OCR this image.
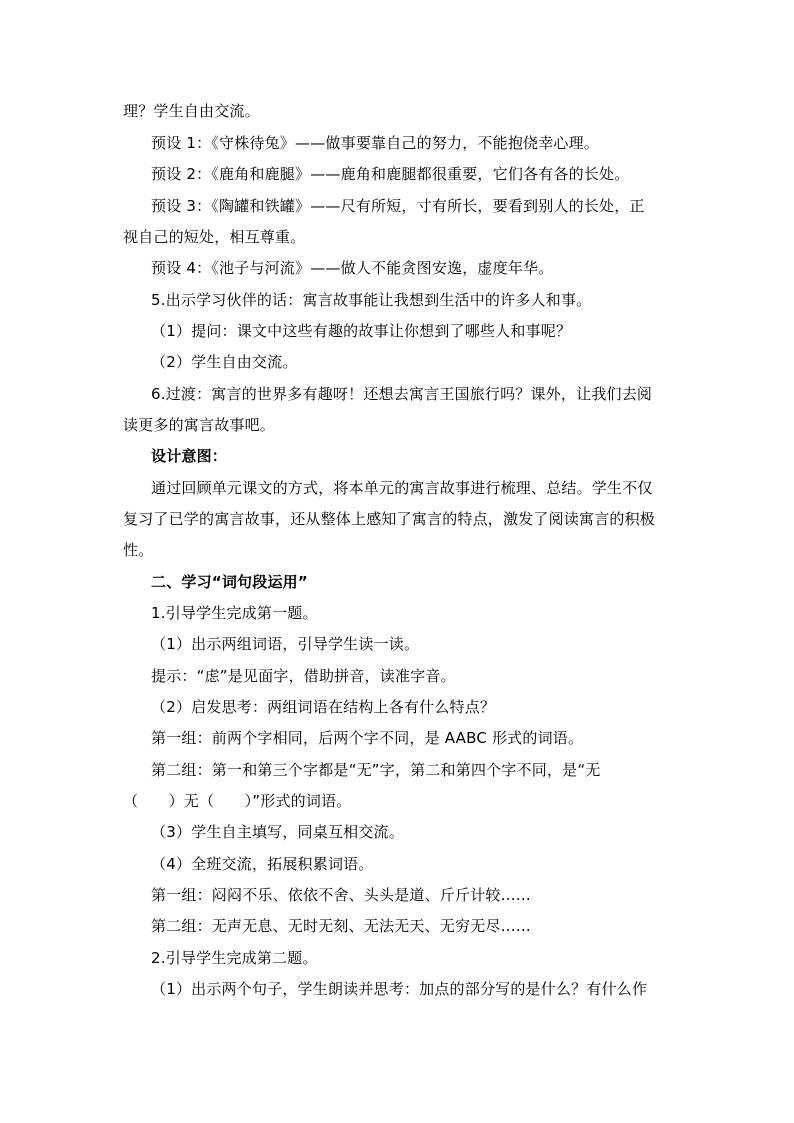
理？学生自由交流。
预设 1：《守株待兔》——做事要靠自己的努力，不能抱侥幸心理。
预设 2：《鹿角和鹿腿》——鹿角和鹿腿都很重要，它们各有各的长处。
预设 3：《陶罐和铁罐》——尺有所短，寸有所长，要看到别人的长处，正
视自己的短处，相互尊重。
预设 4：《池子与河流》——做人不能贪图安逸，虚度年华。
5.出示学习伙伴的话：寓言故事能让我想到生活中的许多人和事。
（1）提问：课文中这些有趣的故事让你想到了哪些人和事呢？
（2）学生自由交流。
6.过渡：寓言的世界多有趣呀！还想去寓言王国旅行吗？课外，让我们去阅
读更多的寓言故事吧。
设计意图：
通过回顾单元课文的方式，将本单元的寓言故事进行梳理、总结。学生不仅
复习了已学的寓言故事，还从整体上感知了寓言的特点，激发了阅读寓言的积极
性。
二、学习“词句段运用”
1.引导学生完成第一题。
（1）出示两组词语，引导学生读一读。
提示：“虑”是见面字，借助拼音，读准字音。
（2）启发思考：两组词语在结构上各有什么特点？
第一组：前两个字相同，后两个字不同，是 AABC 形式的词语。
第二组：第一和第三个字都是“无”字，第二和第四个字不同，是“无
（　　）无（　　）”形式的词语。
（3）学生自主填写，同桌互相交流。
（4）全班交流，拓展积累词语。
第一组：闷闷不乐、依依不舍、头头是道、斤斤计较……
第二组：无声无息、无时无刻、无法无天、无穷无尽……
2.引导学生完成第二题。
（1）出示两个句子，学生朗读并思考：加点的部分写的是什么？有什么作
